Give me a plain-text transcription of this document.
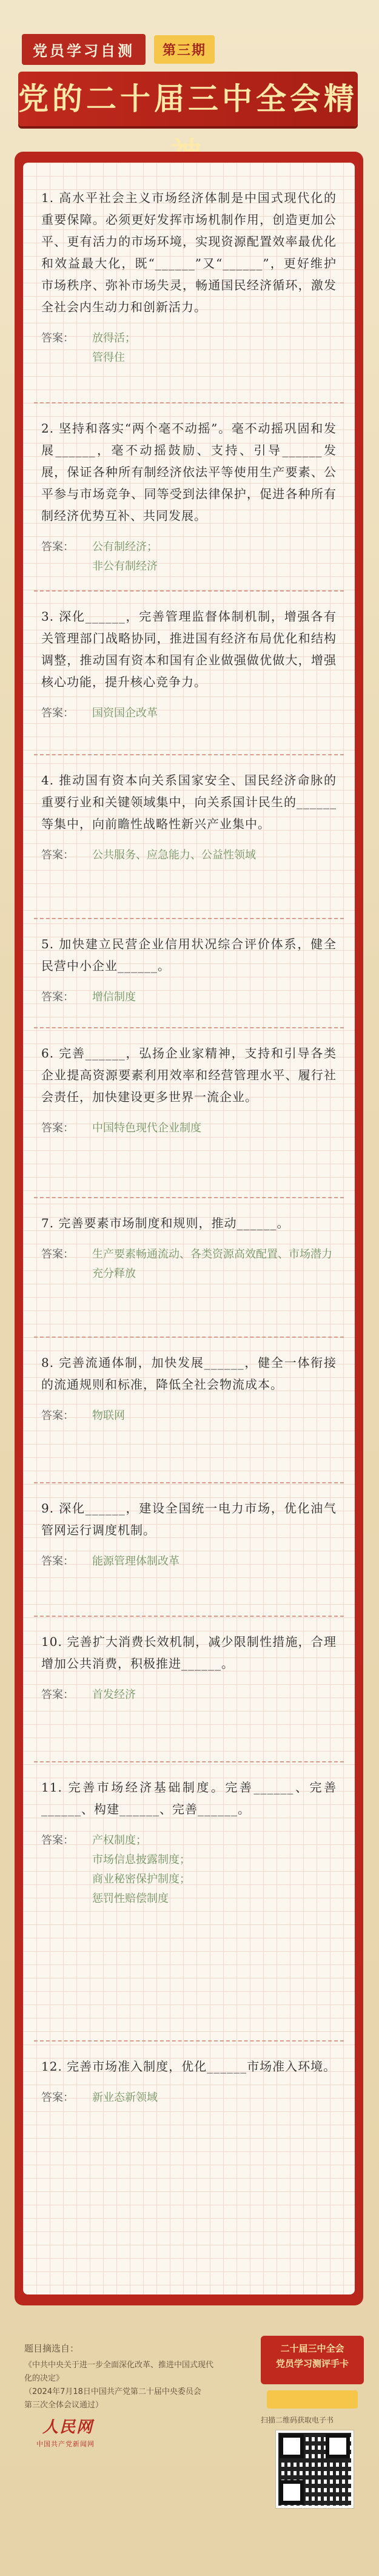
党员学习自测	第三期
党的二十届三中全会精
1. 高水平社会主义市场经济体制是中国式现代化的重要保障。必须更好发挥市场机制作用，创造更加公平、更有活力的市场环境，实现资源配置效率最优化和效益最大化，既“______”又“______”，更好维护市场秩序、弥补市场失灵，畅通国民经济循环，激发全社会内生动力和创新活力。
答案：	放得活；
管得住
2. 坚持和落实“两个毫不动摇”。毫不动摇巩固和发展______，毫不动摇鼓励、支持、引导______发展，保证各种所有制经济依法平等使用生产要素、公平参与市场竞争、同等受到法律保护，促进各种所有制经济优势互补、共同发展。
答案：	公有制经济；
非公有制经济
3. 深化______，完善管理监督体制机制，增强各有关管理部门战略协同，推进国有经济布局优化和结构调整，推动国有资本和国有企业做强做优做大，增强核心功能，提升核心竞争力。
答案：	国资国企改革
4. 推动国有资本向关系国家安全、国民经济命脉的重要行业和关键领域集中，向关系国计民生的______等集中，向前瞻性战略性新兴产业集中。
答案：	公共服务、应急能力、公益性领域
5. 加快建立民营企业信用状况综合评价体系，健全民营中小企业______。
答案：	增信制度
6. 完善______，弘扬企业家精神，支持和引导各类企业提高资源要素利用效率和经营管理水平、履行社会责任，加快建设更多世界一流企业。
答案：	中国特色现代企业制度
7. 完善要素市场制度和规则，推动______。
答案：	生产要素畅通流动、各类资源高效配置、市场潜力充分释放
8. 完善流通体制，加快发展______，健全一体衔接的流通规则和标准，降低全社会物流成本。
答案：	物联网
9. 深化______，建设全国统一电力市场，优化油气管网运行调度机制。
答案：	能源管理体制改革
10. 完善扩大消费长效机制，减少限制性措施，合理增加公共消费，积极推进______。
答案：	首发经济
11. 完善市场经济基础制度。完善______、完善______、构建______、完善______。
答案：	产权制度；
市场信息披露制度；
商业秘密保护制度；
惩罚性赔偿制度
12. 完善市场准入制度，优化______市场准入环境。
答案：	新业态新领域
题目摘选自：
《中共中央关于进一步全面深化改革、推进中国式现代化的决定》
（2024年7月18日中国共产党第二十届中央委员会
第三次全体会议通过）
人民网
中国共产党新闻网
二十届三中全会
党员学习测评手卡
扫描二维码获取电子书
